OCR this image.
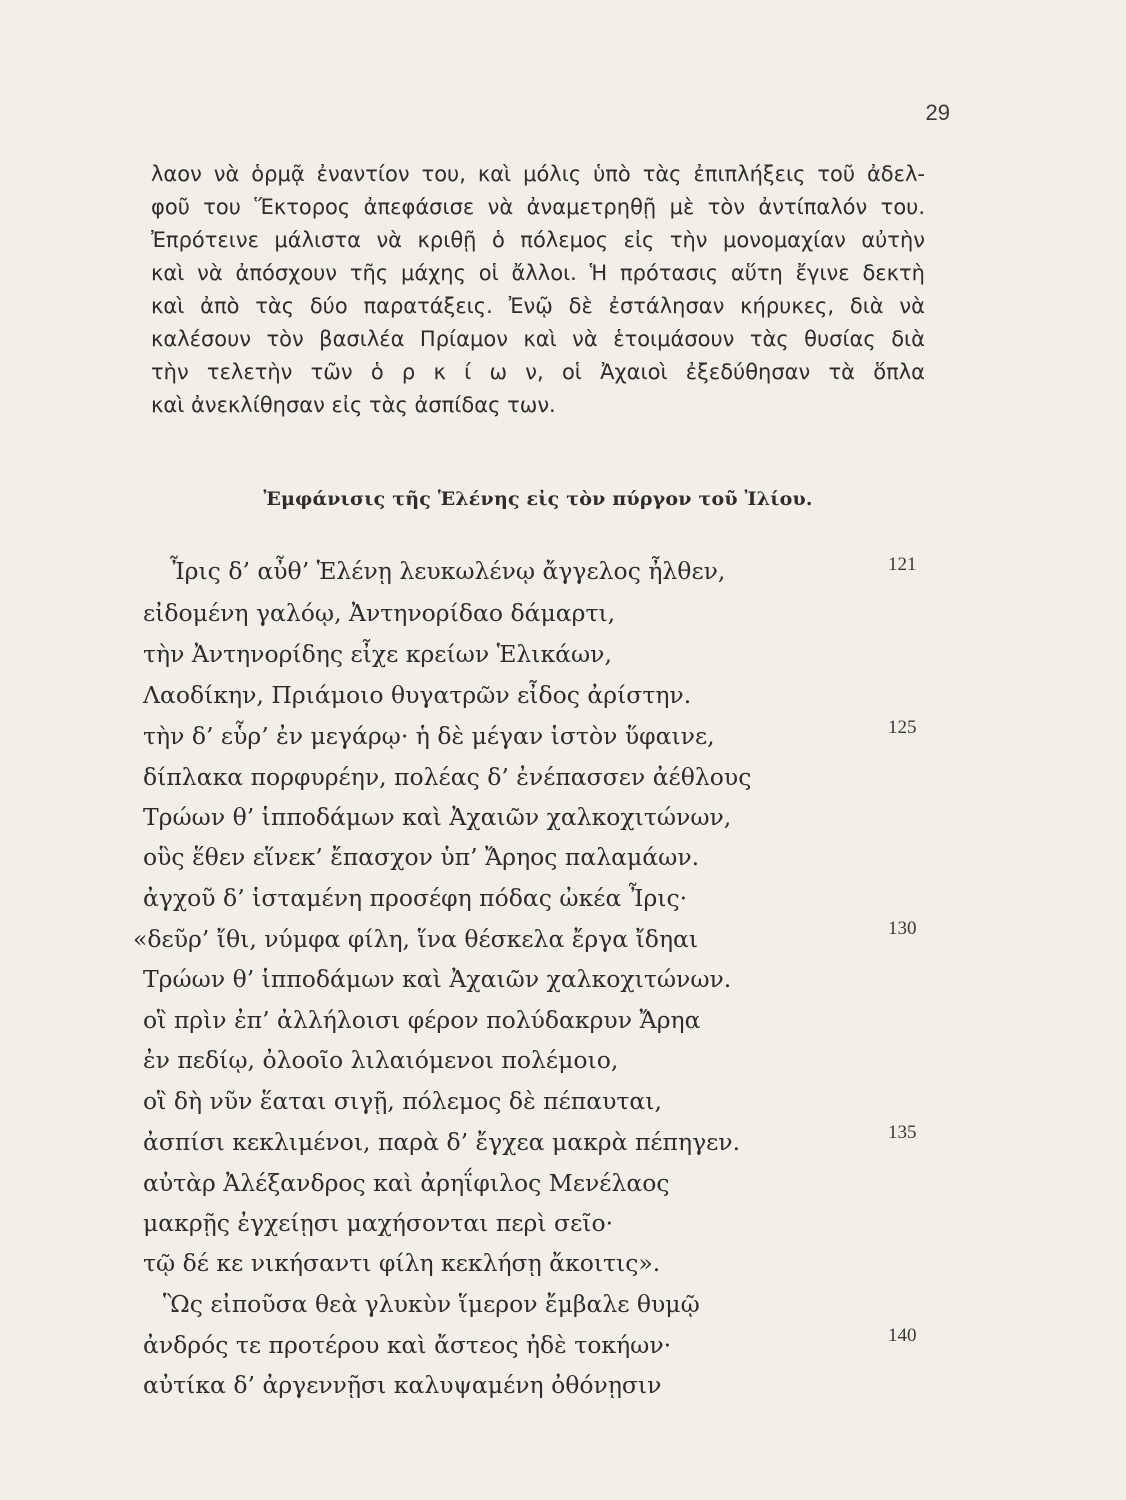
29
λαον νὰ ὁρμᾷ ἐναντίον του, καὶ μόλις ὑπὸ τὰς ἐπιπλήξεις τοῦ ἀδελ-
φοῦ του Ἕκτορος ἀπεφάσισε νὰ ἀναμετρηθῇ μὲ τὸν ἀντίπαλόν του.
Ἐπρότεινε μάλιστα νὰ κριθῇ ὁ πόλεμος εἰς τὴν μονομαχίαν αὐτὴν
καὶ νὰ ἀπόσχουν τῆς μάχης οἱ ἄλλοι. Ἡ πρότασις αὕτη ἔγινε δεκτὴ
καὶ ἀπὸ τὰς δύο παρατάξεις. Ἐνῷ δὲ ἐστάλησαν κήρυκες, διὰ νὰ
καλέσουν τὸν βασιλέα Πρίαμον καὶ νὰ ἑτοιμάσουν τὰς θυσίας διὰ
τὴν τελετὴν τῶν ὁ ρ κ ί ω ν, οἱ Ἀχαιοὶ ἐξεδύθησαν τὰ ὅπλα
καὶ ἀνεκλίθησαν εἰς τὰς ἀσπίδας των.
Ἐμφάνισις τῆς Ἑλένης εἰς τὸν πύργον τοῦ Ἰλίου.
Ἶρις δ’ αὖθ’ Ἑλένῃ λευκωλένῳ ἄγγελος ἦλθεν,
εἰδομένη γαλόῳ, Ἀντηνορίδαο δάμαρτι,
τὴν Ἀντηνορίδης εἶχε κρείων Ἑλικάων,
Λαοδίκην, Πριάμοιο θυγατρῶν εἶδος ἀρίστην.
τὴν δ’ εὗρ’ ἐν μεγάρῳ· ἡ δὲ μέγαν ἱστὸν ὕφαινε,
δίπλακα πορφυρέην, πολέας δ’ ἐνέπασσεν ἀέθλους
Τρώων θ’ ἱπποδάμων καὶ Ἀχαιῶν χαλκοχιτώνων,
οὓς ἕθεν εἵνεκ’ ἔπασχον ὑπ’ Ἄρηος παλαμάων.
ἀγχοῦ δ’ ἱσταμένη προσέφη πόδας ὠκέα Ἶρις·
«δεῦρ’ ἴθι, νύμφα φίλη, ἵνα θέσκελα ἔργα ἴδηαι
Τρώων θ’ ἱπποδάμων καὶ Ἀχαιῶν χαλκοχιτώνων.
οἳ πρὶν ἐπ’ ἀλλήλοισι φέρον πολύδακρυν Ἄρηα
ἐν πεδίῳ, ὀλοοῖο λιλαιόμενοι πολέμοιο,
οἳ δὴ νῦν ἕαται σιγῇ, πόλεμος δὲ πέπαυται,
ἀσπίσι κεκλιμένοι, παρὰ δ’ ἔγχεα μακρὰ πέπηγεν.
αὐτὰρ Ἀλέξανδρος καὶ ἀρηΐφιλος Μενέλαος
μακρῇς ἐγχείῃσι μαχήσονται περὶ σεῖο·
τῷ δέ κε νικήσαντι φίλη κεκλήσῃ ἄκοιτις».
Ὣς εἰποῦσα θεὰ γλυκὺν ἵμερον ἔμβαλε θυμῷ
ἀνδρός τε προτέρου καὶ ἄστεος ἠδὲ τοκήων·
αὐτίκα δ’ ἀργεννῇσι καλυψαμένη ὀθόνῃσιν
121
125
130
135
140
